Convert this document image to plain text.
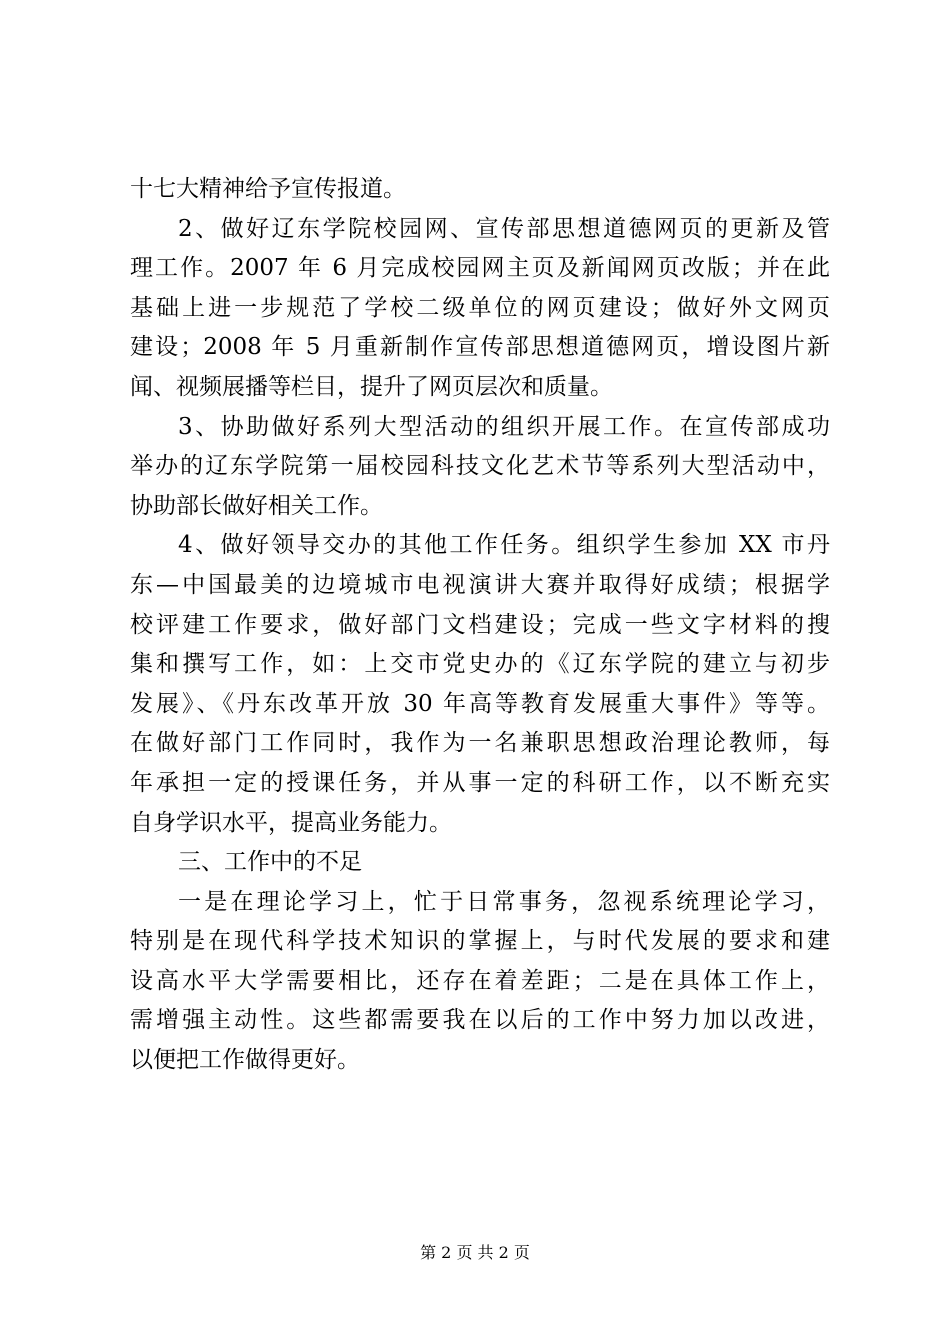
十七大精神给予宣传报道。
2、做好辽东学院校园网、宣传部思想道德网页的更新及管
理工作。2007 年 6 月完成校园网主页及新闻网页改版；并在此
基础上进一步规范了学校二级单位的网页建设；做好外文网页
建设；2008 年 5 月重新制作宣传部思想道德网页，增设图片新
闻、视频展播等栏目，提升了网页层次和质量。
3、协助做好系列大型活动的组织开展工作。在宣传部成功
举办的辽东学院第一届校园科技文化艺术节等系列大型活动中，
协助部长做好相关工作。
4、做好领导交办的其他工作任务。组织学生参加 XX 市丹
东—中国最美的边境城市电视演讲大赛并取得好成绩；根据学
校评建工作要求，做好部门文档建设；完成一些文字材料的搜
集和撰写工作，如：上交市党史办的《辽东学院的建立与初步
发展》、《丹东改革开放 30 年高等教育发展重大事件》等等。
在做好部门工作同时，我作为一名兼职思想政治理论教师，每
年承担一定的授课任务，并从事一定的科研工作，以不断充实
自身学识水平，提高业务能力。
三、工作中的不足
一是在理论学习上，忙于日常事务，忽视系统理论学习，
特别是在现代科学技术知识的掌握上，与时代发展的要求和建
设高水平大学需要相比，还存在着差距；二是在具体工作上，
需增强主动性。这些都需要我在以后的工作中努力加以改进，
以便把工作做得更好。
第 2 页 共 2 页
